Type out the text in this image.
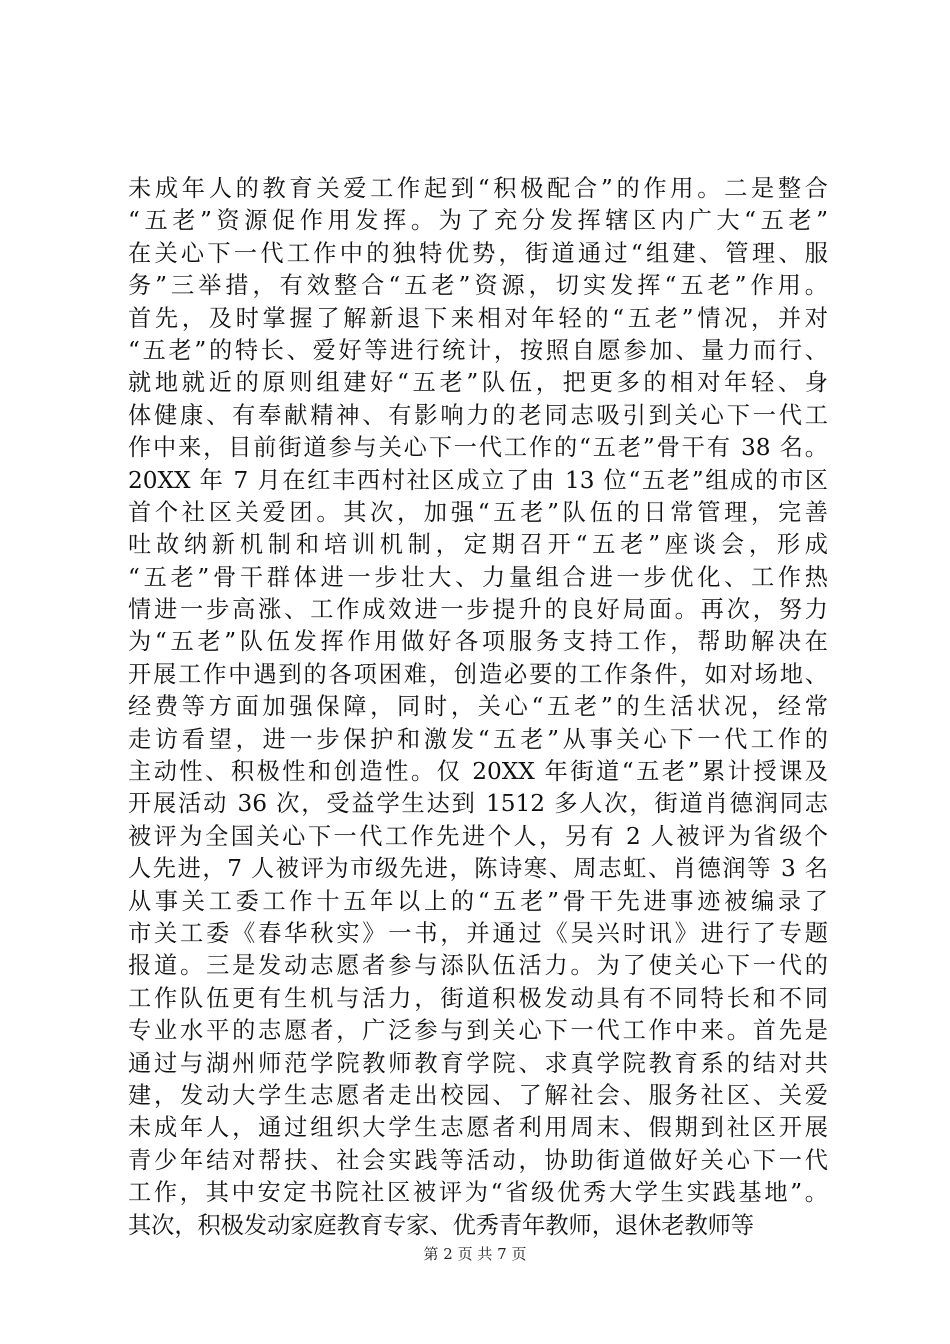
未成年人的教育关爱工作起到“积极配合”的作用。二是整合
“五老”资源促作用发挥。为了充分发挥辖区内广大“五老”
在关心下一代工作中的独特优势，街道通过“组建、管理、服
务”三举措，有效整合“五老”资源，切实发挥“五老”作用。
首先，及时掌握了解新退下来相对年轻的“五老”情况，并对
“五老”的特长、爱好等进行统计，按照自愿参加、量力而行、
就地就近的原则组建好“五老”队伍，把更多的相对年轻、身
体健康、有奉献精神、有影响力的老同志吸引到关心下一代工
作中来，目前街道参与关心下一代工作的“五老”骨干有 38 名。
20XX 年 7 月在红丰西村社区成立了由 13 位“五老”组成的市区
首个社区关爱团。其次，加强“五老”队伍的日常管理，完善
吐故纳新机制和培训机制，定期召开“五老”座谈会，形成
“五老”骨干群体进一步壮大、力量组合进一步优化、工作热
情进一步高涨、工作成效进一步提升的良好局面。再次，努力
为“五老”队伍发挥作用做好各项服务支持工作，帮助解决在
开展工作中遇到的各项困难，创造必要的工作条件，如对场地、
经费等方面加强保障，同时，关心“五老”的生活状况，经常
走访看望，进一步保护和激发“五老”从事关心下一代工作的
主动性、积极性和创造性。仅 20XX 年街道“五老”累计授课及
开展活动 36 次，受益学生达到 1512 多人次，街道肖德润同志
被评为全国关心下一代工作先进个人，另有 2 人被评为省级个
人先进，7 人被评为市级先进，陈诗寒、周志虹、肖德润等 3 名
从事关工委工作十五年以上的“五老”骨干先进事迹被编录了
市关工委《春华秋实》一书，并通过《吴兴时讯》进行了专题
报道。三是发动志愿者参与添队伍活力。为了使关心下一代的
工作队伍更有生机与活力，街道积极发动具有不同特长和不同
专业水平的志愿者，广泛参与到关心下一代工作中来。首先是
通过与湖州师范学院教师教育学院、求真学院教育系的结对共
建，发动大学生志愿者走出校园、了解社会、服务社区、关爱
未成年人，通过组织大学生志愿者利用周末、假期到社区开展
青少年结对帮扶、社会实践等活动，协助街道做好关心下一代
工作，其中安定书院社区被评为“省级优秀大学生实践基地”。
其次，积极发动家庭教育专家、优秀青年教师，退休老教师等
第 2 页 共 7 页
